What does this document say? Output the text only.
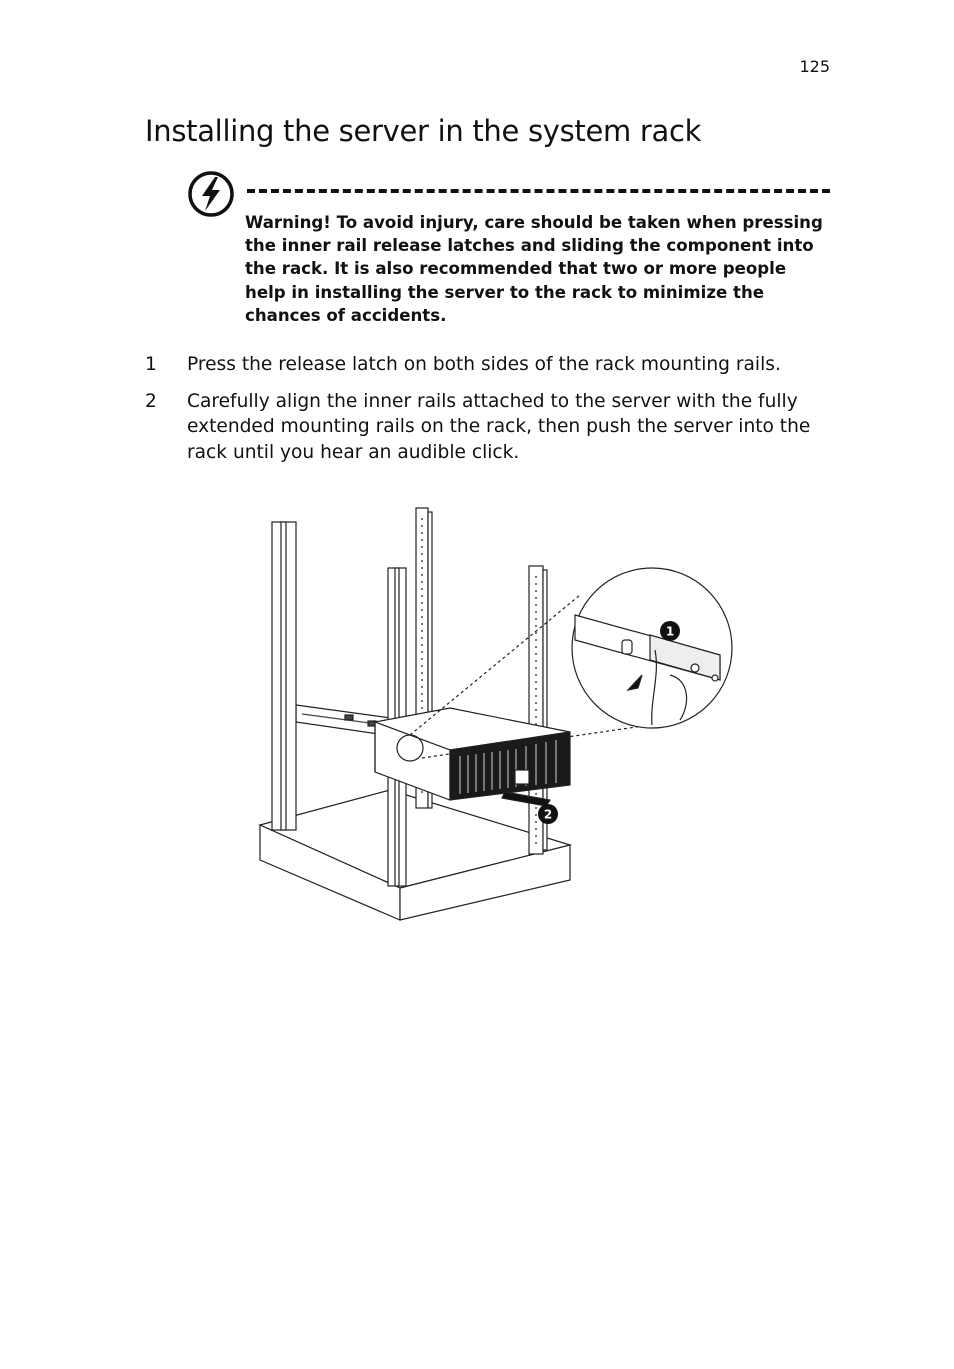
125
Installing the server in the system rack
Warning! To avoid injury, care should be taken when pressing the inner rail release latches and sliding the component into the rack. It is also recommended that two or more people help in installing the server to the rack to minimize the chances of accidents.
1	Press the release latch on both sides of the rack mounting rails.
2	Carefully align the inner rails attached to the server with the fully extended mounting rails on the rack, then push the server into the rack until you hear an audible click.
1
2
